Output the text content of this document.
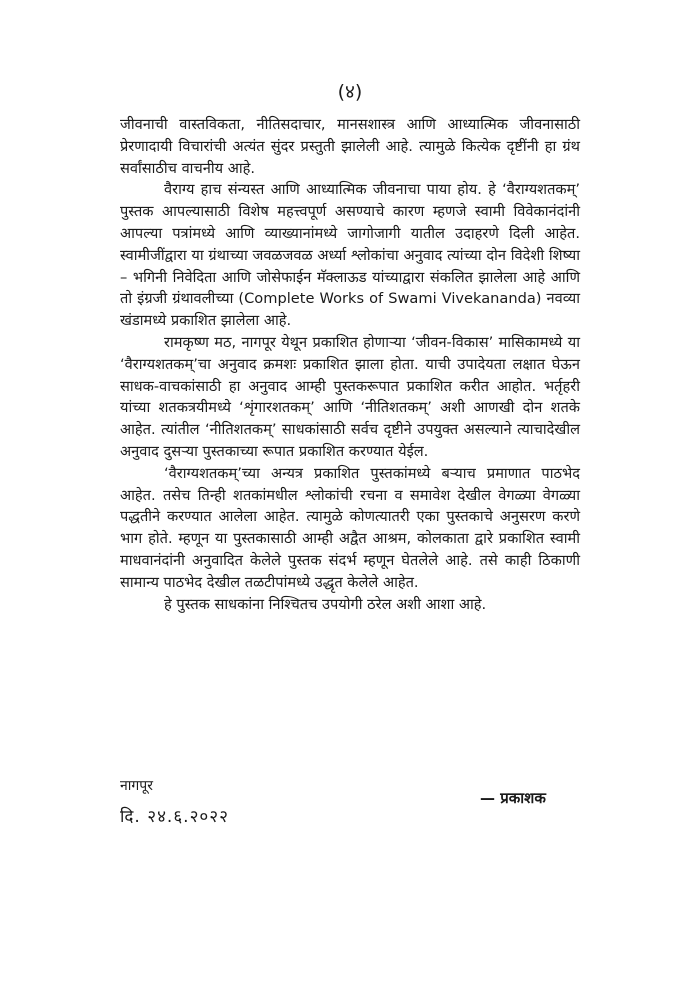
(४)

जीवनाची वास्तविकता, नीतिसदाचार, मानसशास्त्र आणि आध्यात्मिक जीवनासाठी प्रेरणादायी विचारांची अत्यंत सुंदर प्रस्तुती झालेली आहे. त्यामुळे कित्येक दृष्टींनी हा ग्रंथ सर्वांसाठीच वाचनीय आहे.

वैराग्य हाच संन्यस्त आणि आध्यात्मिक जीवनाचा पाया होय. हे ‘वैराग्यशतकम्’ पुस्तक आपल्यासाठी विशेष महत्त्वपूर्ण असण्याचे कारण म्हणजे स्वामी विवेकानंदांनी आपल्या पत्रांमध्ये आणि व्याख्यानांमध्ये जागोजागी यातील उदाहरणे दिली आहेत. स्वामीजींद्वारा या ग्रंथाच्या जवळजवळ अर्ध्या श्लोकांचा अनुवाद त्यांच्या दोन विदेशी शिष्या – भगिनी निवेदिता आणि जोसेफाईन मॅक्लाऊड यांच्याद्वारा संकलित झालेला आहे आणि तो इंग्रजी ग्रंथावलीच्या (Complete Works of Swami Vivekananda) नवव्या खंडामध्ये प्रकाशित झालेला आहे.

रामकृष्ण मठ, नागपूर येथून प्रकाशित होणाऱ्या ‘जीवन-विकास’ मासिकामध्ये या ‘वैराग्यशतकम्’चा अनुवाद क्रमशः प्रकाशित झाला होता. याची उपादेयता लक्षात घेऊन साधक-वाचकांसाठी हा अनुवाद आम्ही पुस्तकरूपात प्रकाशित करीत आहोत. भर्तृहरी यांच्या शतकत्रयीमध्ये ‘शृंगारशतकम्’ आणि ‘नीतिशतकम्’ अशी आणखी दोन शतके आहेत. त्यांतील ‘नीतिशतकम्’ साधकांसाठी सर्वच दृष्टीने उपयुक्त असल्याने त्याचादेखील अनुवाद दुसऱ्या पुस्तकाच्या रूपात प्रकाशित करण्यात येईल.

‘वैराग्यशतकम्’च्या अन्यत्र प्रकाशित पुस्तकांमध्ये बऱ्याच प्रमाणात पाठभेद आहेत. तसेच तिन्ही शतकांमधील श्लोकांची रचना व समावेश देखील वेगळ्या वेगळ्या पद्धतीने करण्यात आलेला आहेत. त्यामुळे कोणत्यातरी एका पुस्तकाचे अनुसरण करणे भाग होते. म्हणून या पुस्तकासाठी आम्ही अद्वैत आश्रम, कोलकाता द्वारे प्रकाशित स्वामी माधवानंदांनी अनुवादित केलेले पुस्तक संदर्भ म्हणून घेतलेले आहे. तसे काही ठिकाणी सामान्य पाठभेद देखील तळटीपांमध्ये उद्धृत केलेले आहेत.

हे पुस्तक साधकांना निश्चितच उपयोगी ठरेल अशी आशा आहे.

नागपूर
दि. २४.६.२०२२
— प्रकाशक
